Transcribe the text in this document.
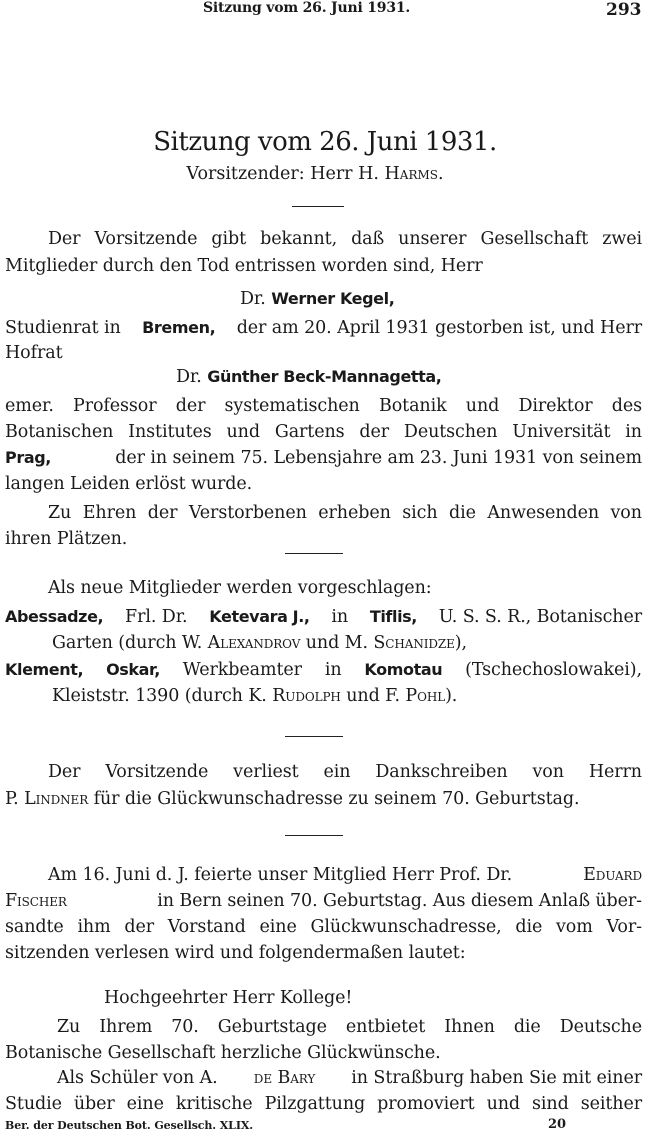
Sitzung vom 26. Juni 1931.	293
Sitzung vom 26. Juni 1931.
Vorsitzender: Herr H. Harms.
Der Vorsitzende gibt bekannt, daß unserer Gesellschaft zwei
Mitglieder durch den Tod entrissen worden sind, Herr
Dr. Werner Kegel,
Studienrat in Bremen, der am 20. April 1931 gestorben ist, und Herr
Hofrat
Dr. Günther Beck-Mannagetta,
emer. Professor der systematischen Botanik und Direktor des
Botanischen Institutes und Gartens der Deutschen Universität in
Prag,	der in seinem 75. Lebensjahre am 23. Juni 1931 von seinem
langen Leiden erlöst wurde.
Zu Ehren der Verstorbenen erheben sich die Anwesenden von
ihren Plätzen.
Als neue Mitglieder werden vorgeschlagen:
Abessadze, Frl. Dr. Ketevara J., in Tiflis, U. S. S. R., Botanischer
Garten (durch W. Alexandrov und M. Schanidze),
Klement, Oskar, Werkbeamter in Komotau (Tschechoslowakei),
Kleiststr. 1390 (durch K. Rudolph und F. Pohl).
Der Vorsitzende verliest ein Dankschreiben von Herrn
P. Lindner für die Glückwunschadresse zu seinem 70. Geburtstag.
Am 16. Juni d. J. feierte unser Mitglied Herr Prof. Dr.	Eduard
Fischer	in Bern seinen 70. Geburtstag. Aus diesem Anlaß über-
sandte ihm der Vorstand eine Glückwunschadresse, die vom Vor-
sitzenden verlesen wird und folgendermaßen lautet:
Hochgeehrter Herr Kollege!
Zu Ihrem 70. Geburtstage entbietet Ihnen die Deutsche
Botanische Gesellschaft herzliche Glückwünsche.
Als Schüler von A. de Bary in Straßburg haben Sie mit einer
Studie über eine kritische Pilzgattung promoviert und sind seither
Ber. der Deutschen Bot. Gesellsch. XLIX.	20
